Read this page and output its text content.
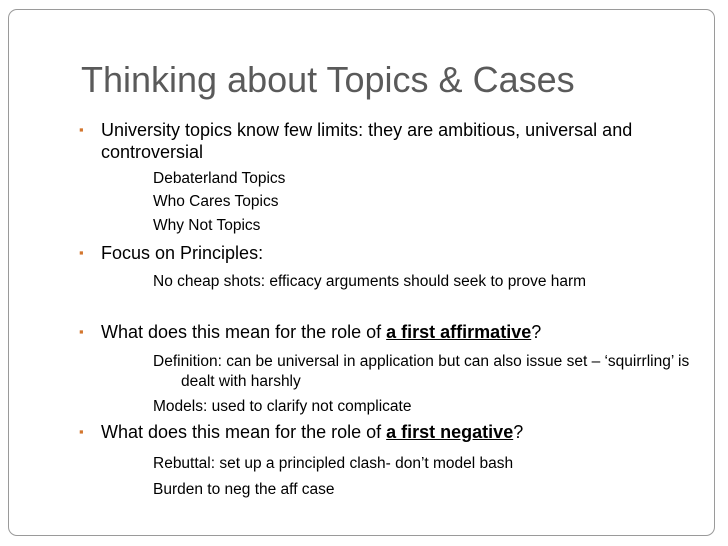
Thinking about Topics & Cases
▪ University topics know few limits: they are ambitious, universal and controversial
Debaterland Topics
Who Cares Topics
Why Not Topics
▪ Focus on Principles:
No cheap shots: efficacy arguments should seek to prove harm
▪ What does this mean for the role of a first affirmative?
Definition: can be universal in application but can also issue set – ‘squirrling’ isdealt with harshly
Models: used to clarify not complicate
▪ What does this mean for the role of a first negative?
Rebuttal: set up a principled clash- don’t model bash
Burden to neg the aff case
